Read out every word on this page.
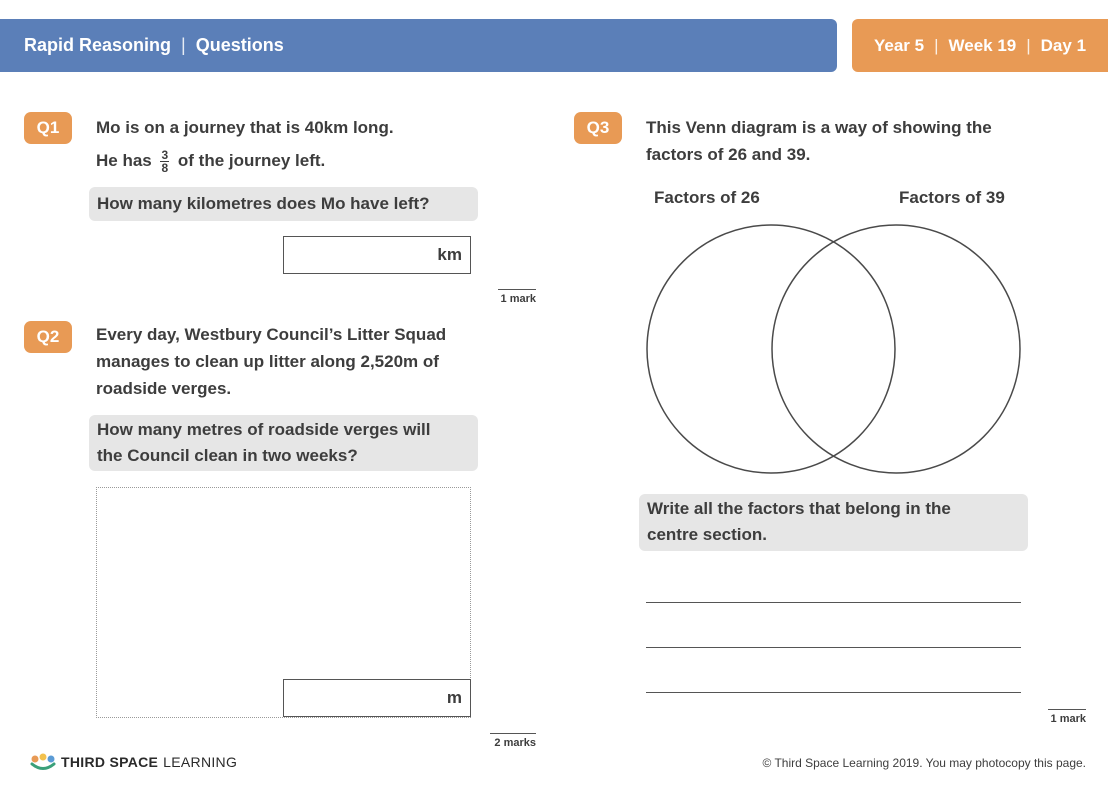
Rapid Reasoning | Questions	Year 5 | Week 19 | Day 1
Q1	Mo is on a journey that is 40km long.
He has $\frac{3}{8}$ of the journey left.
How many kilometres does Mo have left?
km
1 mark
Q2	Every day, Westbury Council’s Litter Squad
manages to clean up litter along 2,520m of
roadside verges.
How many metres of roadside verges will
the Council clean in two weeks?
m
2 marks
Q3	This Venn diagram is a way of showing the
factors of 26 and 39.
Factors of 26	Factors of 39
Write all the factors that belong in the
centre section.
1 mark
THIRD SPACE LEARNING	© Third Space Learning 2019. You may photocopy this page.
